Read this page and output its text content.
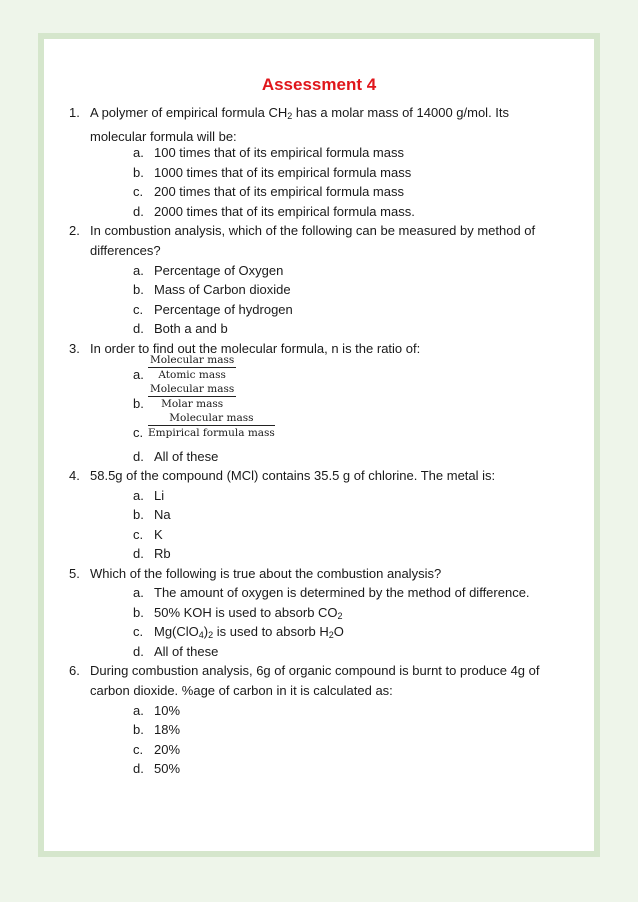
Assessment 4
1. A polymer of empirical formula $CH_2$ has a molar mass of 14000 g/mol. Its molecular formula will be:
a. 100 times that of its empirical formula mass
b. 1000 times that of its empirical formula mass
c. 200 times that of its empirical formula mass
d. 2000 times that of its empirical formula mass.
2. In combustion analysis, which of the following can be measured by method of differences?
a. Percentage of Oxygen
b. Mass of Carbon dioxide
c. Percentage of hydrogen
d. Both a and b
3. In order to find out the molecular formula, n is the ratio of:
a.
Molecular mass
Atomic mass
b.
Molecular mass
Molar mass
c.
Molecular mass
Empirical formula mass
d. All of these
4. 58.5g of the compound (MCl) contains 35.5 g of chlorine. The metal is:
a. Li
b. Na
c. K
d. Rb
5. Which of the following is true about the combustion analysis?
a. The amount of oxygen is determined by the method of difference.
b. 50% KOH is used to absorb $CO_2$
c. $Mg(ClO_4)_2$ is used to absorb $H_2O$
d. All of these
6. During combustion analysis, 6g of organic compound is burnt to produce 4g of carbon dioxide. %age of carbon in it is calculated as:
a. 10%
b. 18%
c. 20%
d. 50%
